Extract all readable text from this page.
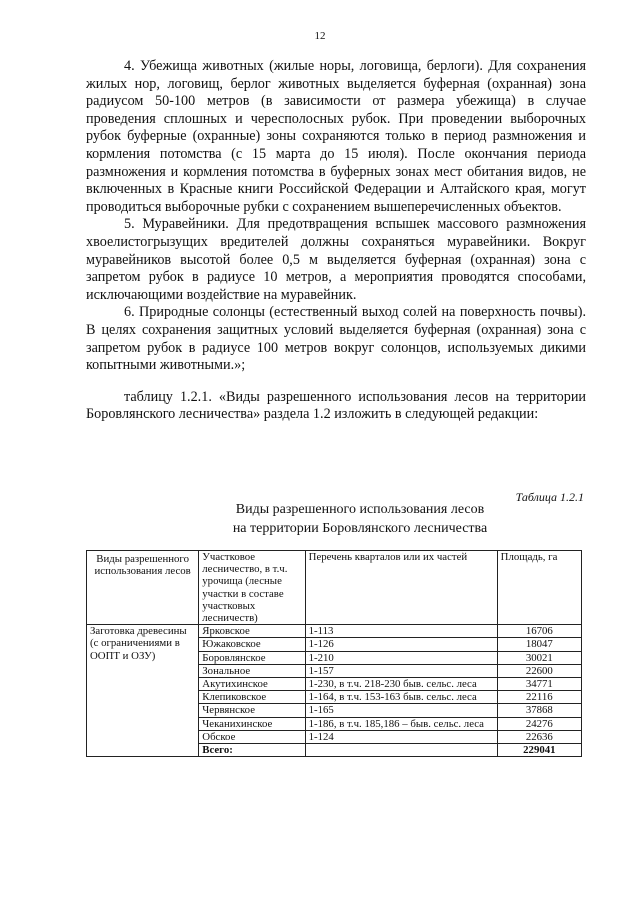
12

4. Убежища животных (жилые норы, логовища, берлоги). Для сохранения жилых нор, логовищ, берлог животных выделяется буферная (охранная) зона радиусом 50-100 метров (в зависимости от размера убежища) в случае проведения сплошных и чересполосных рубок. При проведении выборочных рубок буферные (охранные) зоны сохраняются только в период размножения и кормления потомства (с 15 марта до 15 июля). После окончания периода размножения и кормления потомства в буферных зонах мест обитания видов, не включенных в Красные книги Российской Федерации и Алтайского края, могут проводиться выборочные рубки с сохранением вышеперечисленных объектов.

5. Муравейники. Для предотвращения вспышек массового размножения хвоелистогрызущих вредителей должны сохраняться муравейники. Вокруг муравейников высотой более 0,5 м выделяется буферная (охранная) зона с запретом рубок в радиусе 10 метров, а мероприятия проводятся способами, исключающими воздействие на муравейник.

6. Природные солонцы (естественный выход солей на поверхность почвы). В целях сохранения защитных условий выделяется буферная (охранная) зона с запретом рубок в радиусе 100 метров вокруг солонцов, используемых дикими копытными животными.»;

таблицу 1.2.1. «Виды разрешенного использования лесов на территории Боровлянского лесничества» раздела 1.2 изложить в следующей редакции:

Таблица 1.2.1
Виды разрешенного использования лесов
на территории Боровлянского лесничества
Виды разрешенного использования лесов	Участковое лесничество, в т.ч. урочища (лесные участки в составе участковых лесничеств)	Перечень кварталов или их частей	Площадь, га
Заготовка древесины (с ограничениями в ООПТ и ОЗУ)	Ярковское	1-113	16706
	Южаковское	1-126	18047
	Боровлянское	1-210	30021
	Зональное	1-157	22600
	Акутихинское	1-230, в т.ч. 218-230 быв. сельс. леса	34771
	Клепиковское	1-164, в т.ч. 153-163 быв. сельс. леса	22116
	Червянское	1-165	37868
	Чеканихинское	1-186, в т.ч. 185,186 – быв. сельс. леса	24276
	Обское	1-124	22636
	Всего:		229041
